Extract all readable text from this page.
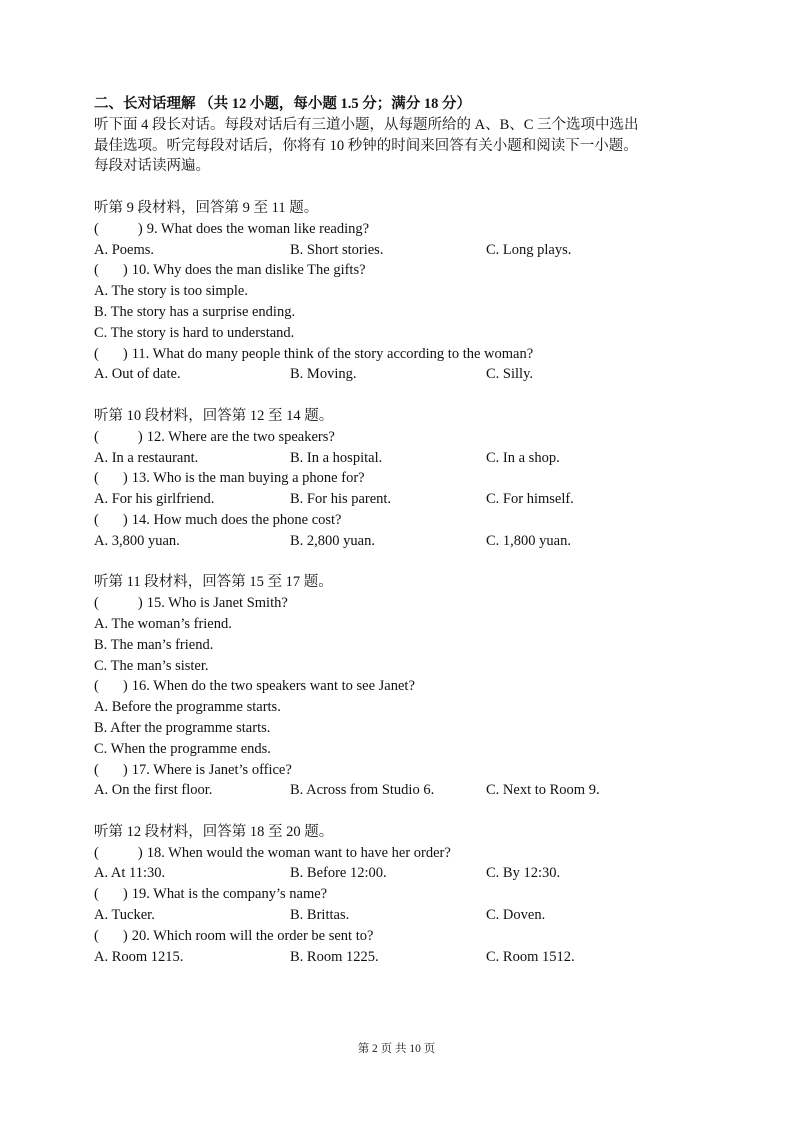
二、长对话理解 （共 12 小题，每小题 1.5 分；满分 18 分）
听下面 4 段长对话。每段对话后有三道小题，从每题所给的 A、B、C 三个选项中选出
最佳选项。听完每段对话后，你将有 10 秒钟的时间来回答有关小题和阅读下一小题。
每段对话读两遍。
听第 9 段材料，回答第 9 至 11 题。
(	) 9. What does the woman like reading?
A. Poems.	B. Short stories.	C. Long plays.
( ) 10. Why does the man dislike The gifts?
A. The story is too simple.
B. The story has a surprise ending.
C. The story is hard to understand.
( ) 11. What do many people think of the story according to the woman?
A. Out of date.	B. Moving.	C. Silly.
听第 10 段材料，回答第 12 至 14 题。
(	) 12. Where are the two speakers?
A. In a restaurant.	B. In a hospital.	C. In a shop.
( ) 13. Who is the man buying a phone for?
A. For his girlfriend.	B. For his parent.	C. For himself.
( ) 14. How much does the phone cost?
A. 3,800 yuan.	B. 2,800 yuan.	C. 1,800 yuan.
听第 11 段材料，回答第 15 至 17 题。
(	) 15. Who is Janet Smith?
A. The woman’s friend.
B. The man’s friend.
C. The man’s sister.
( ) 16. When do the two speakers want to see Janet?
A. Before the programme starts.
B. After the programme starts.
C. When the programme ends.
( ) 17. Where is Janet’s office?
A. On the first floor.	B. Across from Studio 6.	C. Next to Room 9.
听第 12 段材料，回答第 18 至 20 题。
(	) 18. When would the woman want to have her order?
A. At 11:30.	B. Before 12:00.	C. By 12:30.
( ) 19. What is the company’s name?
A. Tucker.	B. Brittas.	C. Doven.
( ) 20. Which room will the order be sent to?
A. Room 1215.	B. Room 1225.	C. Room 1512.
第 2 页 共 10 页
